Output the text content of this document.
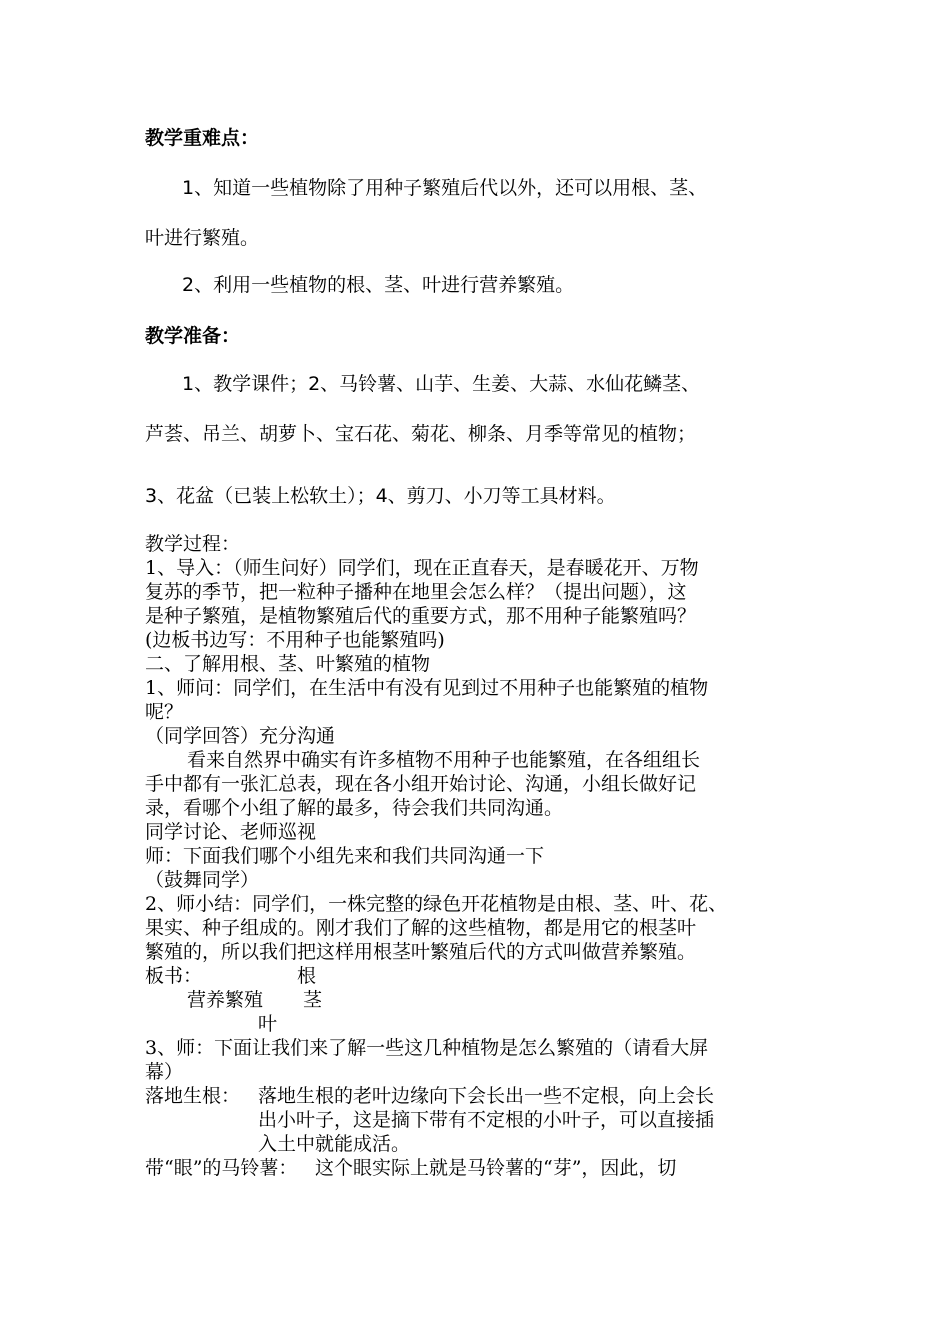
教学重难点：
1、知道一些植物除了用种子繁殖后代以外，还可以用根、茎、
叶进行繁殖。
2、利用一些植物的根、茎、叶进行营养繁殖。
教学准备：
1、教学课件；2、马铃薯、山芋、生姜、大蒜、水仙花鳞茎、
芦荟、吊兰、胡萝卜、宝石花、菊花、柳条、月季等常见的植物；
3、花盆（已装上松软土）；4、剪刀、小刀等工具材料。
教学过程：
1、导入：（师生问好）同学们，现在正直春天，是春暖花开、万物
复苏的季节，把一粒种子播种在地里会怎么样？（提出问题），这
是种子繁殖，是植物繁殖后代的重要方式，那不用种子能繁殖吗？
(边板书边写：不用种子也能繁殖吗)
二、了解用根、茎、叶繁殖的植物
1、师问：同学们，在生活中有没有见到过不用种子也能繁殖的植物
呢？
（同学回答）充分沟通
看来自然界中确实有许多植物不用种子也能繁殖，在各组组长
手中都有一张汇总表，现在各小组开始讨论、沟通，小组长做好记
录，看哪个小组了解的最多，待会我们共同沟通。
同学讨论、老师巡视
师：下面我们哪个小组先来和我们共同沟通一下
（鼓舞同学）
2、师小结：同学们，一株完整的绿色开花植物是由根、茎、叶、花、
果实、种子组成的。刚才我们了解的这些植物，都是用它的根茎叶
繁殖的，所以我们把这样用根茎叶繁殖后代的方式叫做营养繁殖。
板书：	根
营养繁殖 茎
叶
3、师：下面让我们来了解一些这几种植物是怎么繁殖的（请看大屏
幕）
落地生根： 落地生根的老叶边缘向下会长出一些不定根，向上会长
出小叶子，这是摘下带有不定根的小叶子，可以直接插
入土中就能成活。
带“眼”的马铃薯： 这个眼实际上就是马铃薯的“芽”，因此，切
